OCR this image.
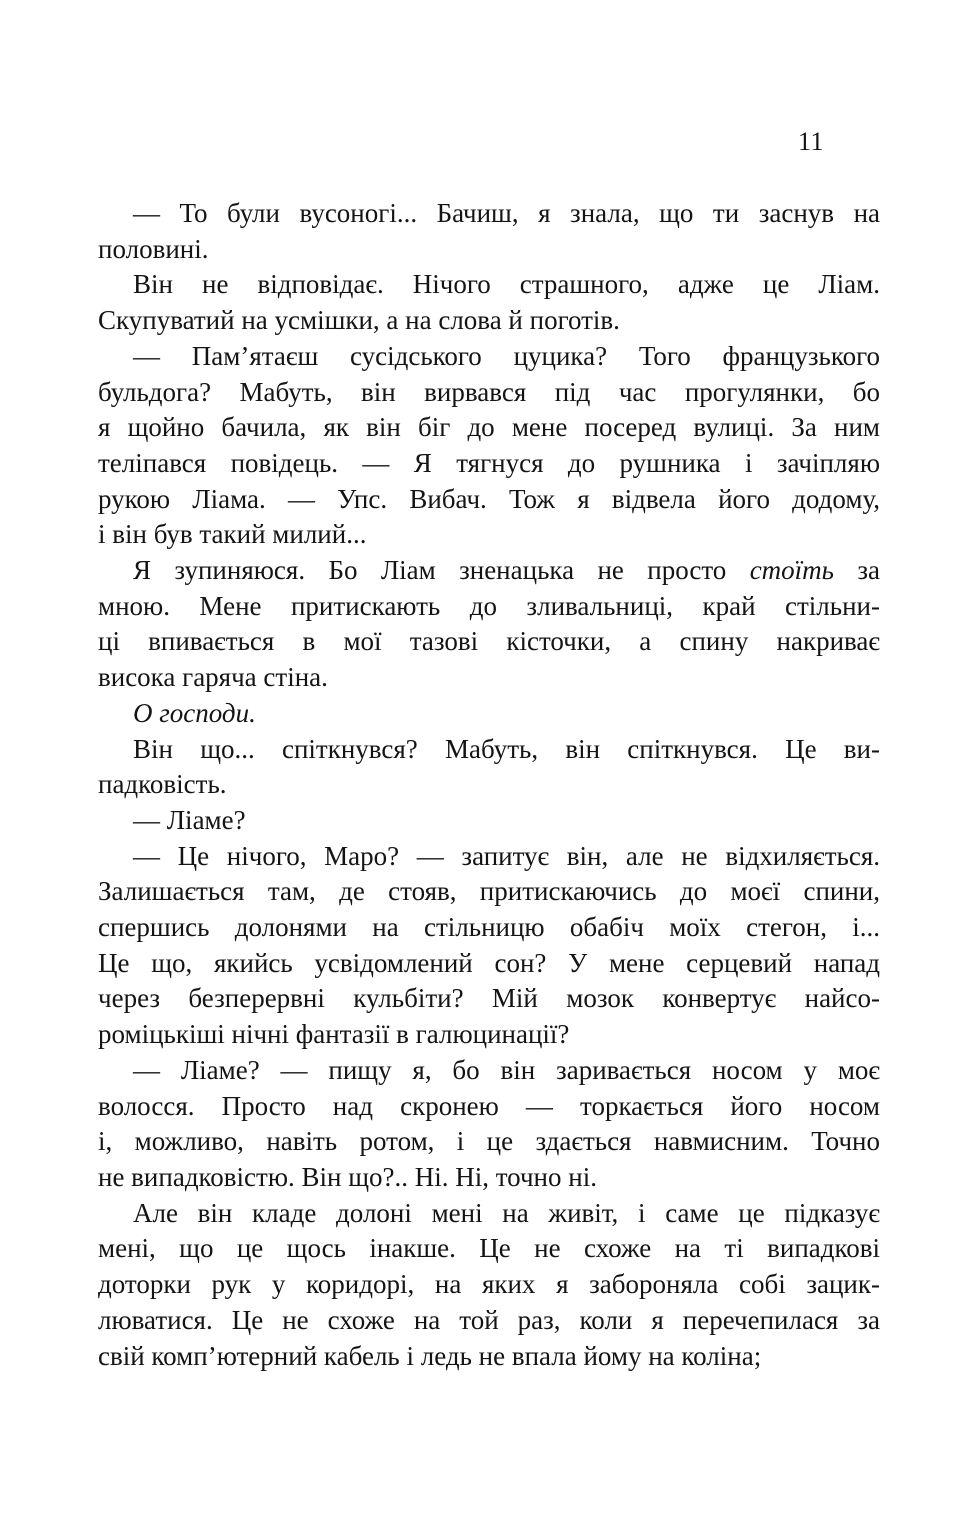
11
— То були вусоногі... Бачиш, я знала, що ти заснув на
половині.
Він не відповідає. Нічого страшного, адже це Ліам.
Скупуватий на усмішки, а на слова й поготів.
— Пам’ятаєш сусідського цуцика? Того французького
бульдога? Мабуть, він вирвався під час прогулянки, бо
я щойно бачила, як він біг до мене посеред вулиці. За ним
теліпався повідець. — Я тягнуся до рушника і зачіпляю
рукою Ліама. — Упс. Вибач. Тож я відвела його додому,
і він був такий милий...
Я зупиняюся. Бо Ліам зненацька не просто стоїть за
мною. Мене притискають до зливальниці, край стільни-
ці впивається в мої тазові кісточки, а спину накриває
висока гаряча стіна.
О господи.
Він що... спіткнувся? Мабуть, він спіткнувся. Це ви-
падковість.
— Ліаме?
— Це нічого, Маро? — запитує він, але не відхиляється.
Залишається там, де стояв, притискаючись до моєї спини,
спершись долонями на стільницю обабіч моїх стегон, і...
Це що, якийсь усвідомлений сон? У мене серцевий напад
через безперервні кульбіти? Мій мозок конвертує найсо-
роміцькіші нічні фантазії в галюцинації?
— Ліаме? — пищу я, бо він заривається носом у моє
волосся. Просто над скронею — торкається його носом
і, можливо, навіть ротом, і це здається навмисним. Точно
не випадковістю. Він що?.. Ні. Ні, точно ні.
Але він кладе долоні мені на живіт, і саме це підказує
мені, що це щось інакше. Це не схоже на ті випадкові
доторки рук у коридорі, на яких я забороняла собі зацик-
люватися. Це не схоже на той раз, коли я перечепилася за
свій комп’ютерний кабель і ледь не впала йому на коліна;
